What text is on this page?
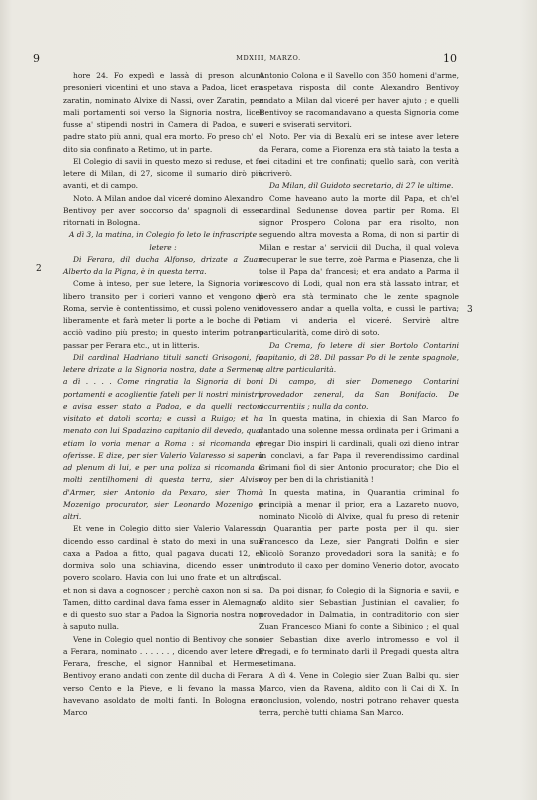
9	MDXIII, MARZO.	10
2
3

hore 24. Fo expedì e lassà di preson alcuni presonieri vicentini et uno stava a Padoa, licet era zaratin, nominato Alvixe di Nassi, over Zaratin, per mali portamenti soi verso la Signoria nostra, licet fusse a' stipendi nostri in Camera di Padoa, e suo padre stato più anni, qual era morto. Fo preso ch' el dito sia confinato a Retimo, ut in parte.

El Colegio di savii in questo mezo si reduse, et fo letere di Milan, di 27, sicome il sumario dirò più avanti, et di campo.

Noto. A Milan andoe dal viceré domino Alexandro Bentivoy per aver soccorso da' spagnoli di esser ritornati in Bologna.

A dì 3, la matina, in Colegio fo leto le infrascripte letere :

Di Ferara, dil ducha Alfonso, drizate a Zuan Alberto da la Pigna, è in questa terra.

Come à inteso, per sue letere, la Signoria voria libero transito per i corieri vanno et vengono di Roma, servìe è contentissimo, et cussì poleno venir liberamente et farà meter li porte a le boche di Po acciò vadino più presto; in questo interim potrano passar per Ferara etc., ut in litteris.

Dil cardinal Hadriano tituli sancti Grisogoni, fo letere drizate a la Signoria nostra, date a Sermene, a dì . . . . Come ringratia la Signoria di boni portamenti e acoglientie fateli per li nostri ministri, e avisa esser stato a Padoa, e da quelli rectori visitato et datoli scorta; e cussì a Ruigo; et ha menato con lui Spadazino capitanio dil devedo, qual etiam lo voria menar a Roma : si ricomanda et oferisse. E dize, per sier Valerio Valaresso si saperà ad plenum di lui, e per una poliza si ricomanda a molti zentilhomeni di questa terra, sier Alvise d'Armer, sier Antonio da Pexaro, sier Thomà Mozenigo procurator, sier Leonardo Mozenigo e altri.

Et vene in Colegio ditto sier Valerio Valaresso, dicendo esso cardinal è stato do mexi in una sua caxa a Padoa a fitto, qual pagava ducati 12, et dormiva solo una schiavina, dicendo esser uno povero scolaro. Havia con lui uno frate et un altro, et non si dava a cognoscer ; perchè caxon non si sa. Tamen, ditto cardinal dava fama esser in Alemagna, e di questo suo star a Padoa la Signoria nostra non à saputo nulla.

Vene in Colegio quel nontio di Bentivoy che sono a Ferara, nominato . . . . . . , dicendo aver letere di Ferara, fresche, el signor Hannibal et Hermes Bentivoy erano andati con zente dil ducha di Ferara verso Cento e la Pieve, e li fevano la massa ; havevano asoldato de molti fanti. In Bologna era Marco

Antonio Colona e il Savello con 350 homeni d'arme, aspetava risposta dil conte Alexandro Bentivoy andato a Milan dal viceré per haver ajuto ; e quelli Bentivoy se racomandavano a questa Signoria come veri e sviserati servitori.

Noto. Per via di Bexalù eri se intese aver letere da Ferara, come a Fiorenza era stà taiato la testa a sei citadini et tre confinati; quello sarà, con verità scriverò.

Da Milan, dil Guidoto secretario, di 27 le ultime.

Come haveano auto la morte dil Papa, et ch'el cardinal Sedunense dovea partir per Roma. El signor Prospero Colona par era risolto, non seguendo altra movesta a Roma, di non si partir di Milan e restar a' servicii dil Ducha, il qual voleva recuperar le sue terre, zoè Parma e Piasenza, che li tolse il Papa da' francesi; et era andato a Parma il vescovo di Lodi, qual non era stà lassato intrar, et però era stà terminato che le zente spagnole dovessero andar a quella volta, e cussì le partiva; etiam vi anderia el viceré. Servirè altre particularità, come dirò di soto.

Da Crema, fo letere di sier Bortolo Contarini capitanio, di 28. Dil passar Po di le zente spagnole, e altre particularità.

Di campo, di sier Domenego Contarini provedador zeneral, da San Bonifacio. De occurrentiis ; nulla da conto.

In questa matina, in chiexia di San Marco fo cantado una solenne messa ordinata per i Grimani a pregar Dio inspiri li cardinali, quali ozi dieno intrar in conclavi, a far Papa il reverendissimo cardinal Grimani fiol di sier Antonio procurator; che Dio el voy per ben di la christianità !

In questa matina, in Quarantia criminal fo principià a menar il prior, era a Lazareto nuovo, nominato Nicolò di Alvixe, qual fu preso di retenir in Quarantia per parte posta per il qu. sier Francesco da Leze, sier Pangrati Dolfin e sier Nicolò Soranzo provedadori sora la sanità; e fo introduto il caxo per domino Venerio dotor, avocato fiscal.

Da poi disnar, fo Colegio di la Signoria e savii, e fo aldito sier Sebastian Justinian el cavalier, fo provedador in Dalmatia, in contraditorio con sier Zuan Francesco Miani fo conte a Sibinico ; el qual sier Sebastian dixe averlo intromesso e vol il Pregadi, e fo terminato darli il Pregadi questa altra setimana.

A dì 4. Vene in Colegio sier Zuan Balbi qu. sier Marco, vien da Ravena, aldito con li Cai di X. In conclusion, volendo, nostri potrano rehaver questa terra, perchè tutti chiama San Marco.
